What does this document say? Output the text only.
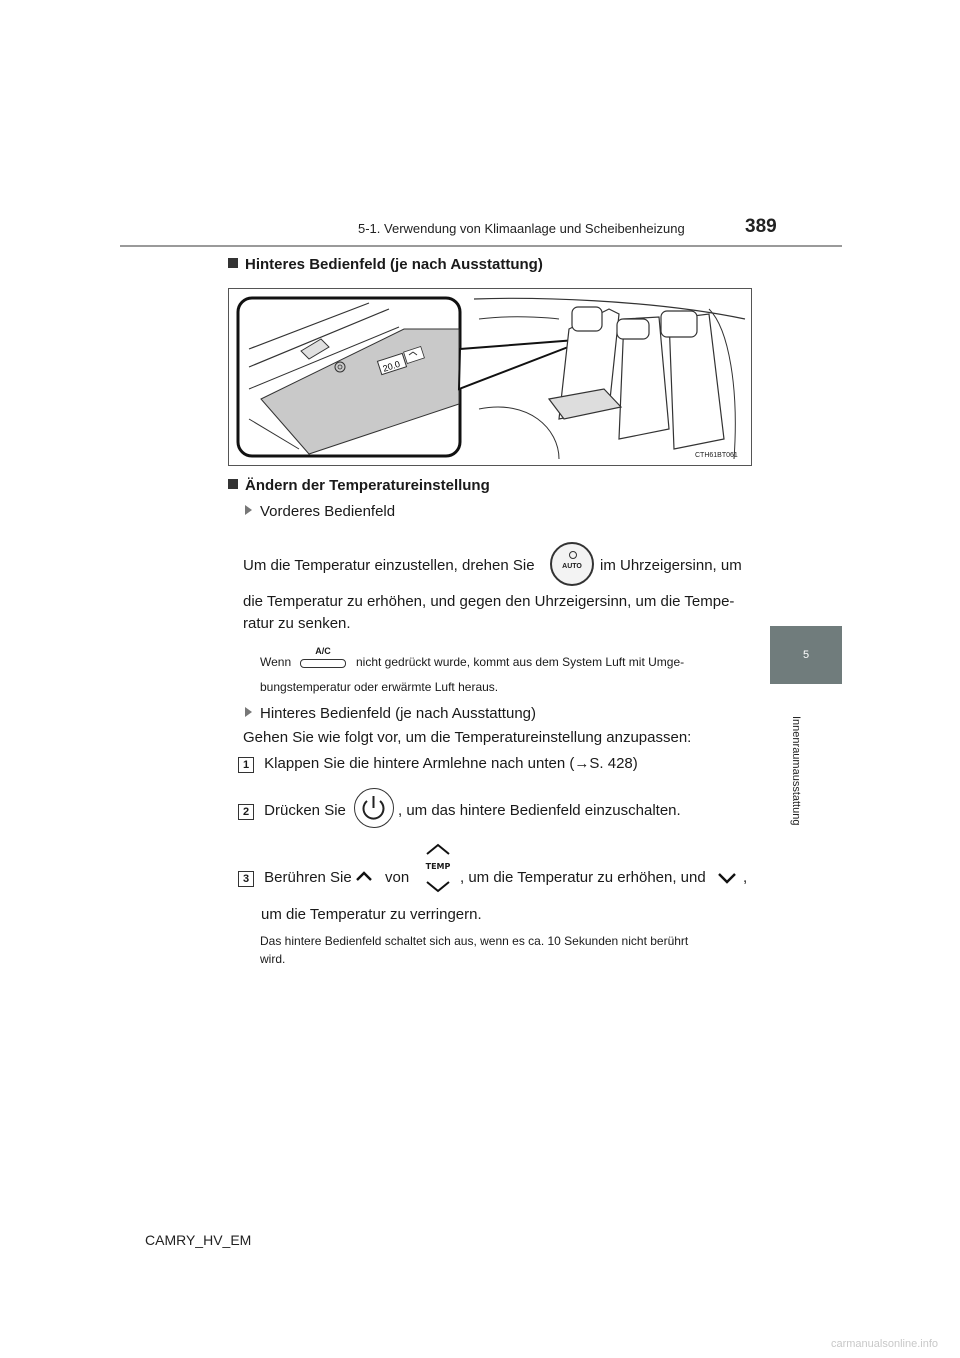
5-1. Verwendung von Klimaanlage und Scheibenheizung	389
5
Innenraumausstattung
Hinteres Bedienfeld (je nach Ausstattung)
20.0
CTH61BT061
Ändern der Temperatureinstellung
Vorderes Bedienfeld
Um die Temperatur einzustellen, drehen Sie	AUTO	im Uhrzeigersinn, um
die Temperatur zu erhöhen, und gegen den Uhrzeigersinn, um die Tempe-
ratur zu senken.
Wenn
A/C
nicht gedrückt wurde, kommt aus dem System Luft mit Umge-
bungstemperatur oder erwärmte Luft heraus.
Hinteres Bedienfeld (je nach Ausstattung)
Gehen Sie wie folgt vor, um die Temperatureinstellung anzupassen:
1 Klappen Sie die hintere Armlehne nach unten (→S. 428)
2 Drücken Sie	, um das hintere Bedienfeld einzuschalten.
3 Berühren Sie von
TEMP
, um die Temperatur zu erhöhen, und ,
um die Temperatur zu verringern.
Das hintere Bedienfeld schaltet sich aus, wenn es ca. 10 Sekunden nicht berührt
wird.
CAMRY_HV_EM
carmanualsonline.info
